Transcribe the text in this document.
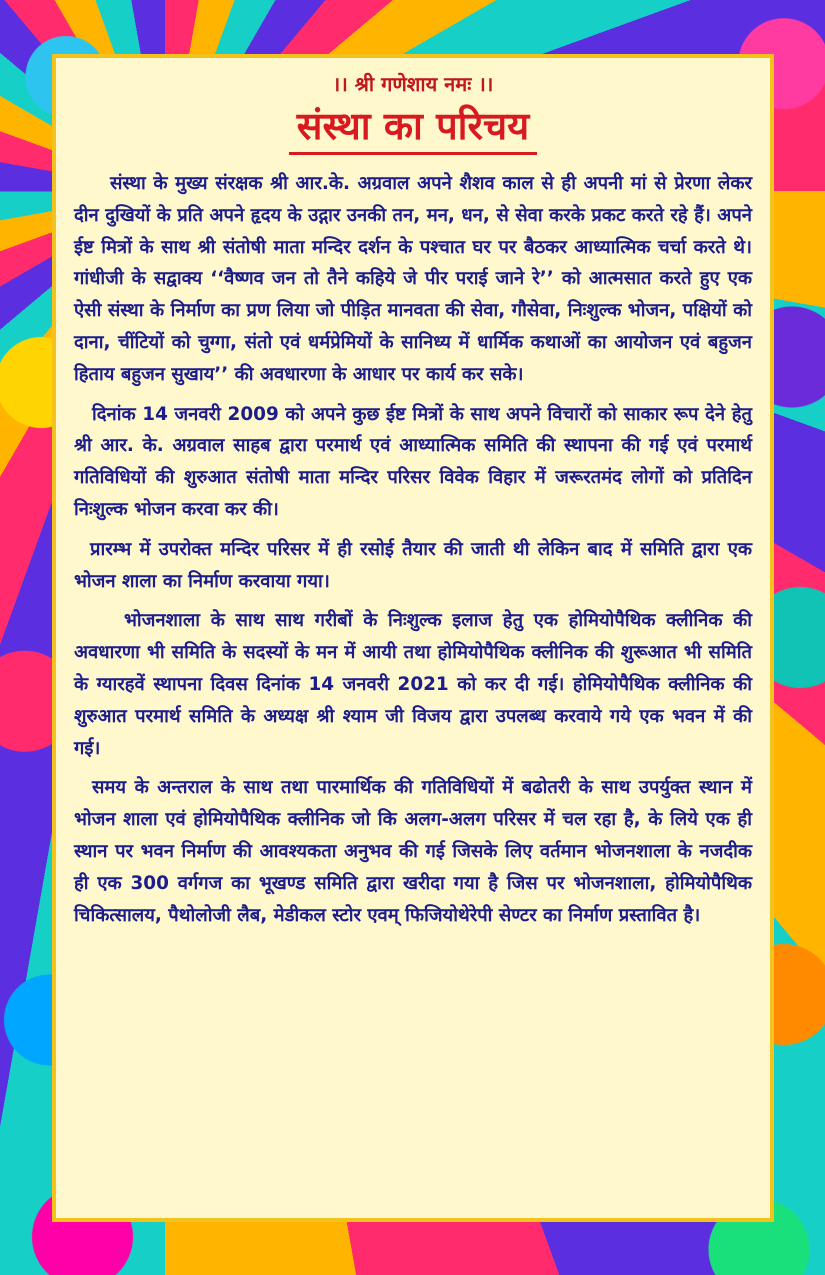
।। श्री गणेशाय नमः ।।
संस्था का परिचय

संस्था के मुख्य संरक्षक श्री आर.के. अग्रवाल अपने शैशव काल से ही अपनी मां से प्रेरणा लेकर दीन दुखियों के प्रति अपने हृदय के उद्गार उनकी तन, मन, धन, से सेवा करके प्रकट करते रहे हैं। अपने ईष्ट मित्रों के साथ श्री संतोषी माता मन्दिर दर्शन के पश्चात घर पर बैठकर आध्यात्मिक चर्चा करते थे। गांधीजी के सद्वाक्य ‘‘वैष्णव जन तो तैने कहिये जे पीर पराई जाने रे’’ को आत्मसात करते हुए एक ऐसी संस्था के निर्माण का प्रण लिया जो पीड़ित मानवता की सेवा, गौसेवा, निःशुल्क भोजन, पक्षियों को दाना, चींटियों को चुग्गा, संतो एवं धर्मप्रेमियों के सानिध्य में धार्मिक कथाओं का आयोजन एवं बहुजन हिताय बहुजन सुखाय’’ की अवधारणा के आधार पर कार्य कर सके।

दिनांक 14 जनवरी 2009 को अपने कुछ ईष्ट मित्रों के साथ अपने विचारों को साकार रूप देने हेतु श्री आर. के. अग्रवाल साहब द्वारा परमार्थ एवं आध्यात्मिक समिति की स्थापना की गई एवं परमार्थ गतिविधियों की शुरुआत संतोषी माता मन्दिर परिसर विवेक विहार में जरूरतमंद लोगों को प्रतिदिन निःशुल्क भोजन करवा कर की।

प्रारम्भ में उपरोक्त मन्दिर परिसर में ही रसोई तैयार की जाती थी लेकिन बाद में समिति द्वारा एक भोजन शाला का निर्माण करवाया गया।

भोजनशाला के साथ साथ गरीबों के निःशुल्क इलाज हेतु एक होमियोपैथिक क्लीनिक की अवधारणा भी समिति के सदस्यों के मन में आयी तथा होमियोपैथिक क्लीनिक की शुरूआत भी समिति के ग्यारहवें स्थापना दिवस दिनांक 14 जनवरी 2021 को कर दी गई। होमियोपैथिक क्लीनिक की शुरुआत परमार्थ समिति के अध्यक्ष श्री श्याम जी विजय द्वारा उपलब्ध करवाये गये एक भवन में की गई।

समय के अन्तराल के साथ तथा पारमार्थिक की गतिविधियों में बढोतरी के साथ उपर्युक्त स्थान में भोजन शाला एवं होमियोपैथिक क्लीनिक जो कि अलग-अलग परिसर में चल रहा है, के लिये एक ही स्थान पर भवन निर्माण की आवश्यकता अनुभव की गई जिसके लिए वर्तमान भोजनशाला के नजदीक ही एक 300 वर्गगज का भूखण्ड समिति द्वारा खरीदा गया है जिस पर भोजनशाला, होमियोपैथिक चिकित्सालय, पैथोलोजी लैब, मेडीकल स्टोर एवम् फिजियोथेरेपी सेण्टर का निर्माण प्रस्तावित है।
